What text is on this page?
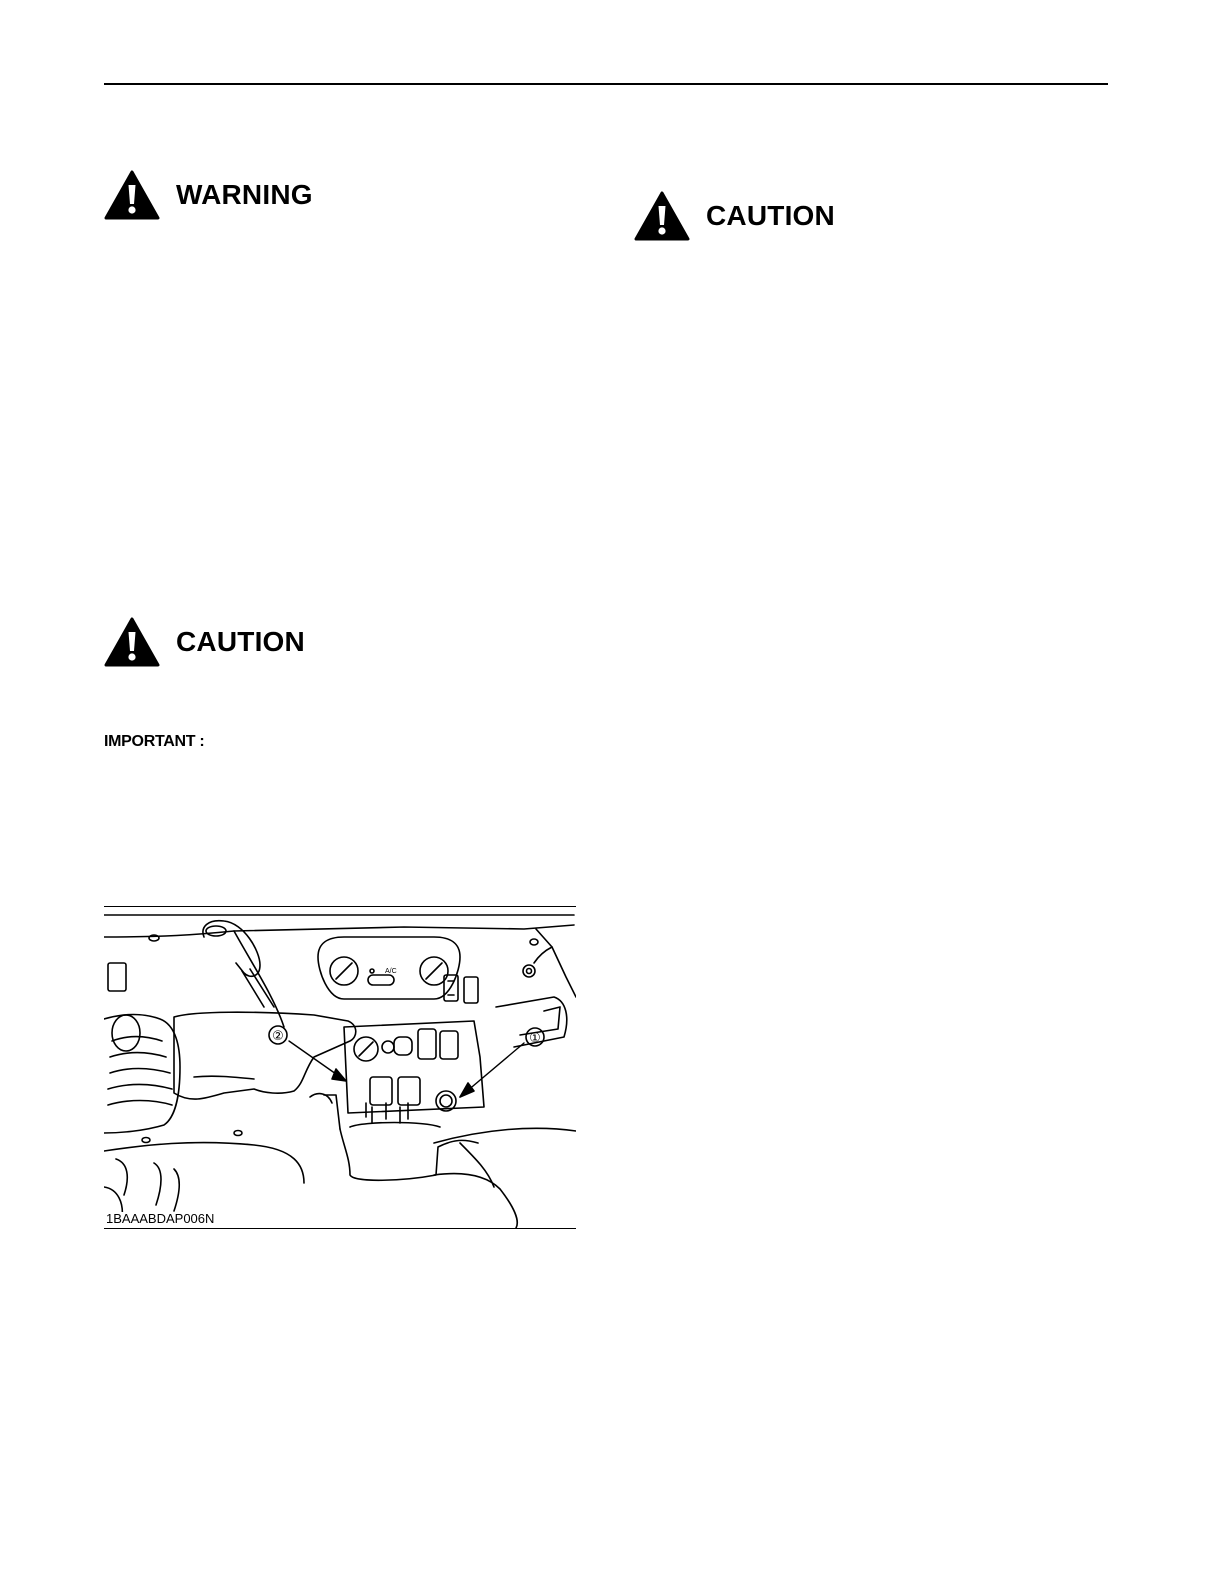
WARNING
CAUTION
CAUTION
IMPORTANT :
A/C
②	①
1BAAABDAP006N
